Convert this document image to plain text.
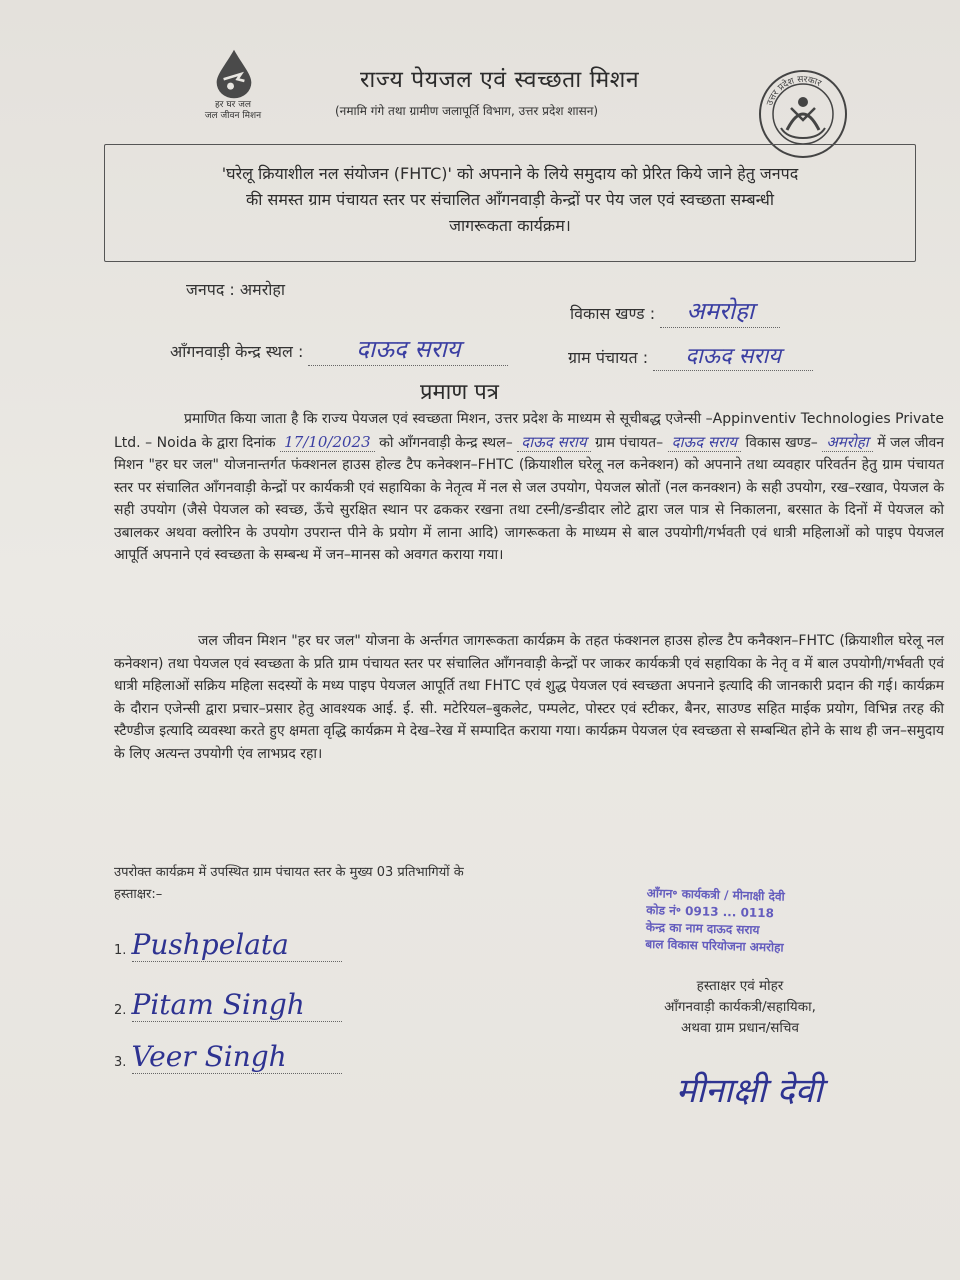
हर घर जल
जल जीवन मिशन
राज्य पेयजल एवं स्वच्छता मिशन
(नमामि गंगे तथा ग्रामीण जलापूर्ति विभाग, उत्तर प्रदेश शासन)
उत्तर प्रदेश सरकार
'घरेलू क्रियाशील नल संयोजन (FHTC)' को अपनाने के लिये समुदाय को प्रेरित किये जाने हेतु जनपद
की समस्त ग्राम पंचायत स्तर पर संचालित आँगनवाड़ी केन्द्रों पर पेय जल एवं स्वच्छता सम्बन्धी
जागरूकता कार्यक्रम।
जनपद : अमरोहा
विकास खण्ड : अमरोहा
आँगनवाड़ी केन्द्र स्थल : दाऊद सराय	ग्राम पंचायत : दाऊद सराय
प्रमाण पत्र
प्रमाणित किया जाता है कि राज्य पेयजल एवं स्वच्छता मिशन, उत्तर प्रदेश के माध्यम से सूचीबद्ध एजेन्सी –Appinventiv Technologies Private Ltd. – Noida के द्वारा दिनांक 17/10/2023 को आँगनवाड़ी केन्द्र स्थल– दाऊद सराय ग्राम पंचायत– दाऊद सराय विकास खण्ड– अमरोहा में जल जीवन मिशन "हर घर जल" योजनान्तर्गत फंक्शनल हाउस होल्ड टैप कनेक्शन–FHTC (क्रियाशील घरेलू नल कनेक्शन) को अपनाने तथा व्यवहार परिवर्तन हेतु ग्राम पंचायत स्तर पर संचालित आँगनवाड़ी केन्द्रों पर कार्यकत्री एवं सहायिका के नेतृत्व में नल से जल उपयोग, पेयजल स्रोतों (नल कनक्शन) के सही उपयोग, रख–रखाव, पेयजल के सही उपयोग (जैसे पेयजल को स्वच्छ, ऊँचे सुरक्षित स्थान पर ढककर रखना तथा टस्नी/डन्डीदार लोटे द्वारा जल पात्र से निकालना, बरसात के दिनों में पेयजल को उबालकर अथवा क्लोरिन के उपयोग उपरान्त पीने के प्रयोग में लाना आदि) जागरूकता के माध्यम से बाल उपयोगी/गर्भवती एवं धात्री महिलाओं को पाइप पेयजल आपूर्ति अपनाने एवं स्वच्छता के सम्बन्ध में जन–मानस को अवगत कराया गया।
जल जीवन मिशन "हर घर जल" योजना के अर्न्तगत जागरूकता कार्यक्रम के तहत फंक्शनल हाउस होल्ड टैप कनैक्शन–FHTC (क्रियाशील घरेलू नल कनेक्शन) तथा पेयजल एवं स्वच्छता के प्रति ग्राम पंचायत स्तर पर संचालित आँगनवाड़ी केन्द्रों पर जाकर कार्यकत्री एवं सहायिका के नेतृ व में बाल उपयोगी/गर्भवती एवं धात्री महिलाओं सक्रिय महिला सदस्यों के मध्य पाइप पेयजल आपूर्ति तथा FHTC एवं शुद्ध पेयजल एवं स्वच्छता अपनाने इत्यादि की जानकारी प्रदान की गई। कार्यक्रम के दौरान एजेन्सी द्वारा प्रचार–प्रसार हेतु आवश्यक आई. ई. सी. मटेरियल–बुकलेट, पम्पलेट, पोस्टर एवं स्टीकर, बैनर, साउण्ड सहित माईक प्रयोग, विभिन्न तरह की स्टैण्डीज इत्यादि व्यवस्था करते हुए क्षमता वृद्धि कार्यक्रम मे देख–रेख में सम्पादित कराया गया। कार्यक्रम पेयजल एंव स्वच्छता से सम्बन्धित होने के साथ ही जन–समुदाय के लिए अत्यन्त उपयोगी एंव लाभप्रद रहा।
उपरोक्त कार्यक्रम में उपस्थित ग्राम पंचायत स्तर के मुख्य 03 प्रतिभागियों के
हस्ताक्षर:–
1. Pushpelata
2. Pitam Singh
3. Veer Singh
आँगन॰ कार्यकत्री / मीनाक्षी देवी
कोड नं॰ 0913 ... 0118
केन्द्र का नाम दाऊद सराय
बाल विकास परियोजना अमरोहा
हस्ताक्षर एवं मोहर
आँगनवाड़ी कार्यकत्री/सहायिका,
अथवा ग्राम प्रधान/सचिव
मीनाक्षी देवी
